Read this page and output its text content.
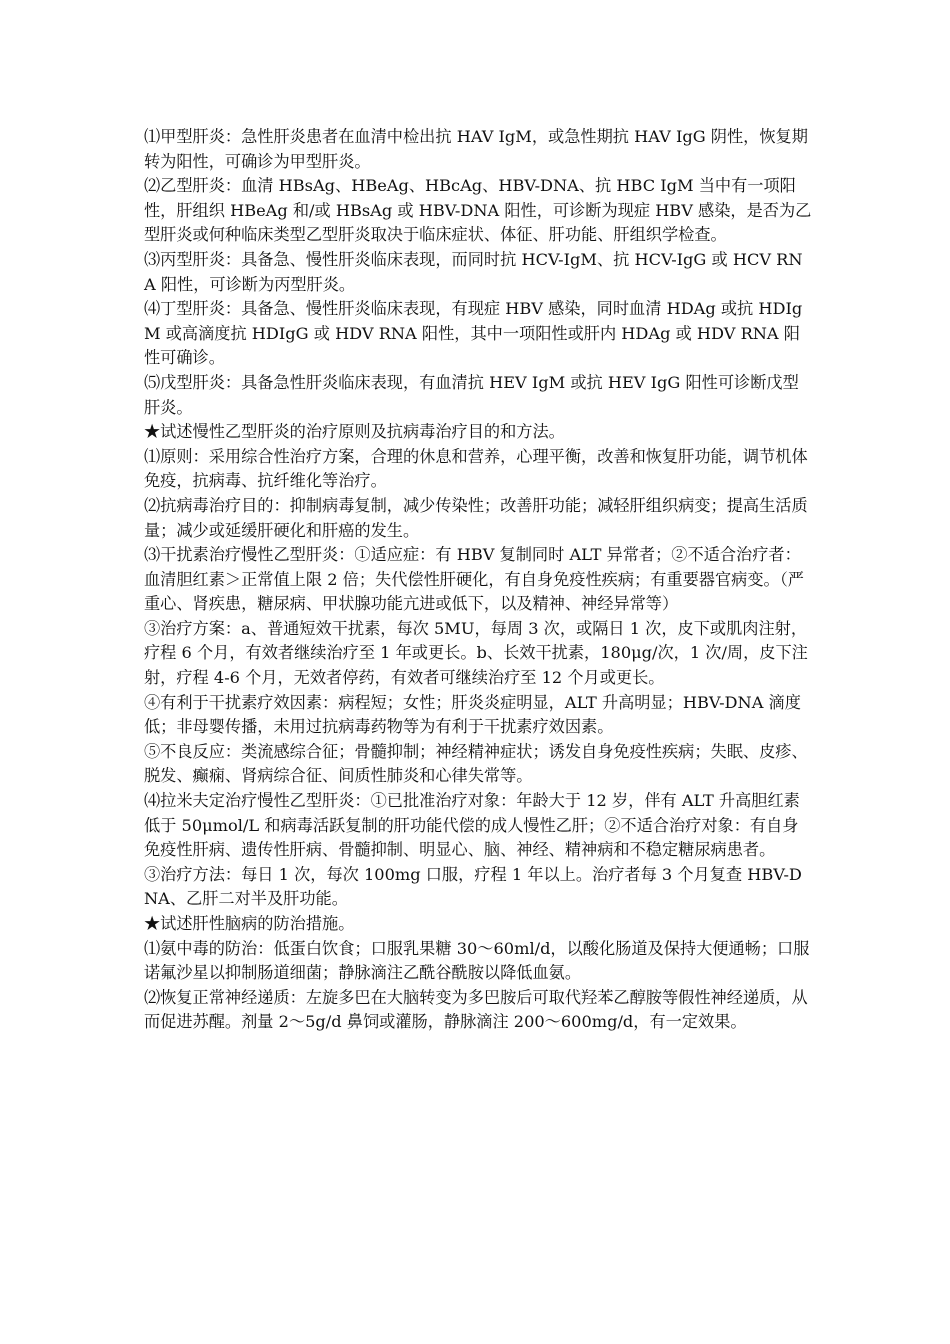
⑴甲型肝炎：急性肝炎患者在血清中检出抗 HAV IgM，或急性期抗 HAV IgG 阴性，恢复期转为阳性，可确诊为甲型肝炎。

⑵乙型肝炎：血清 HBsAg、HBeAg、HBcAg、HBV-DNA、抗 HBC IgM 当中有一项阳性，肝组织 HBeAg 和/或 HBsAg 或 HBV-DNA 阳性，可诊断为现症 HBV 感染，是否为乙型肝炎或何种临床类型乙型肝炎取决于临床症状、体征、肝功能、肝组织学检查。

⑶丙型肝炎：具备急、慢性肝炎临床表现，而同时抗 HCV-IgM、抗 HCV-IgG 或 HCV RNA 阳性，可诊断为丙型肝炎。

⑷丁型肝炎：具备急、慢性肝炎临床表现，有现症 HBV 感染，同时血清 HDAg 或抗 HDIgM 或高滴度抗 HDIgG 或 HDV RNA 阳性，其中一项阳性或肝内 HDAg 或 HDV RNA 阳性可确诊。

⑸戊型肝炎：具备急性肝炎临床表现，有血清抗 HEV IgM 或抗 HEV IgG 阳性可诊断戊型肝炎。

★试述慢性乙型肝炎的治疗原则及抗病毒治疗目的和方法。

⑴原则：采用综合性治疗方案，合理的休息和营养，心理平衡，改善和恢复肝功能，调节机体免疫，抗病毒、抗纤维化等治疗。

⑵抗病毒治疗目的：抑制病毒复制，减少传染性；改善肝功能；减轻肝组织病变；提高生活质量；减少或延缓肝硬化和肝癌的发生。

⑶干扰素治疗慢性乙型肝炎：①适应症：有 HBV 复制同时 ALT 异常者；②不适合治疗者：血清胆红素＞正常值上限 2 倍；失代偿性肝硬化，有自身免疫性疾病；有重要器官病变。（严重心、肾疾患，糖尿病、甲状腺功能亢进或低下，以及精神、神经异常等）

③治疗方案：a、普通短效干扰素，每次 5MU，每周 3 次，或隔日 1 次，皮下或肌肉注射，疗程 6 个月，有效者继续治疗至 1 年或更长。b、长效干扰素，180μg/次，1 次/周，皮下注射，疗程 4-6 个月，无效者停药，有效者可继续治疗至 12 个月或更长。

④有利于干扰素疗效因素：病程短；女性；肝炎炎症明显，ALT 升高明显；HBV-DNA 滴度低；非母婴传播，未用过抗病毒药物等为有利于干扰素疗效因素。

⑤不良反应：类流感综合征；骨髓抑制；神经精神症状；诱发自身免疫性疾病；失眠、皮疹、脱发、癫痫、肾病综合征、间质性肺炎和心律失常等。

⑷拉米夫定治疗慢性乙型肝炎：①已批准治疗对象：年龄大于 12 岁，伴有 ALT 升高胆红素低于 50μmol/L 和病毒活跃复制的肝功能代偿的成人慢性乙肝；②不适合治疗对象：有自身免疫性肝病、遗传性肝病、骨髓抑制、明显心、脑、神经、精神病和不稳定糖尿病患者。

③治疗方法：每日 1 次，每次 100mg 口服，疗程 1 年以上。治疗者每 3 个月复查 HBV-DNA、乙肝二对半及肝功能。

★试述肝性脑病的防治措施。

⑴氨中毒的防治：低蛋白饮食；口服乳果糖 30～60ml/d，以酸化肠道及保持大便通畅；口服诺氟沙星以抑制肠道细菌；静脉滴注乙酰谷酰胺以降低血氨。

⑵恢复正常神经递质：左旋多巴在大脑转变为多巴胺后可取代羟苯乙醇胺等假性神经递质，从而促进苏醒。剂量 2～5g/d 鼻饲或灌肠，静脉滴注 200～600mg/d，有一定效果。
